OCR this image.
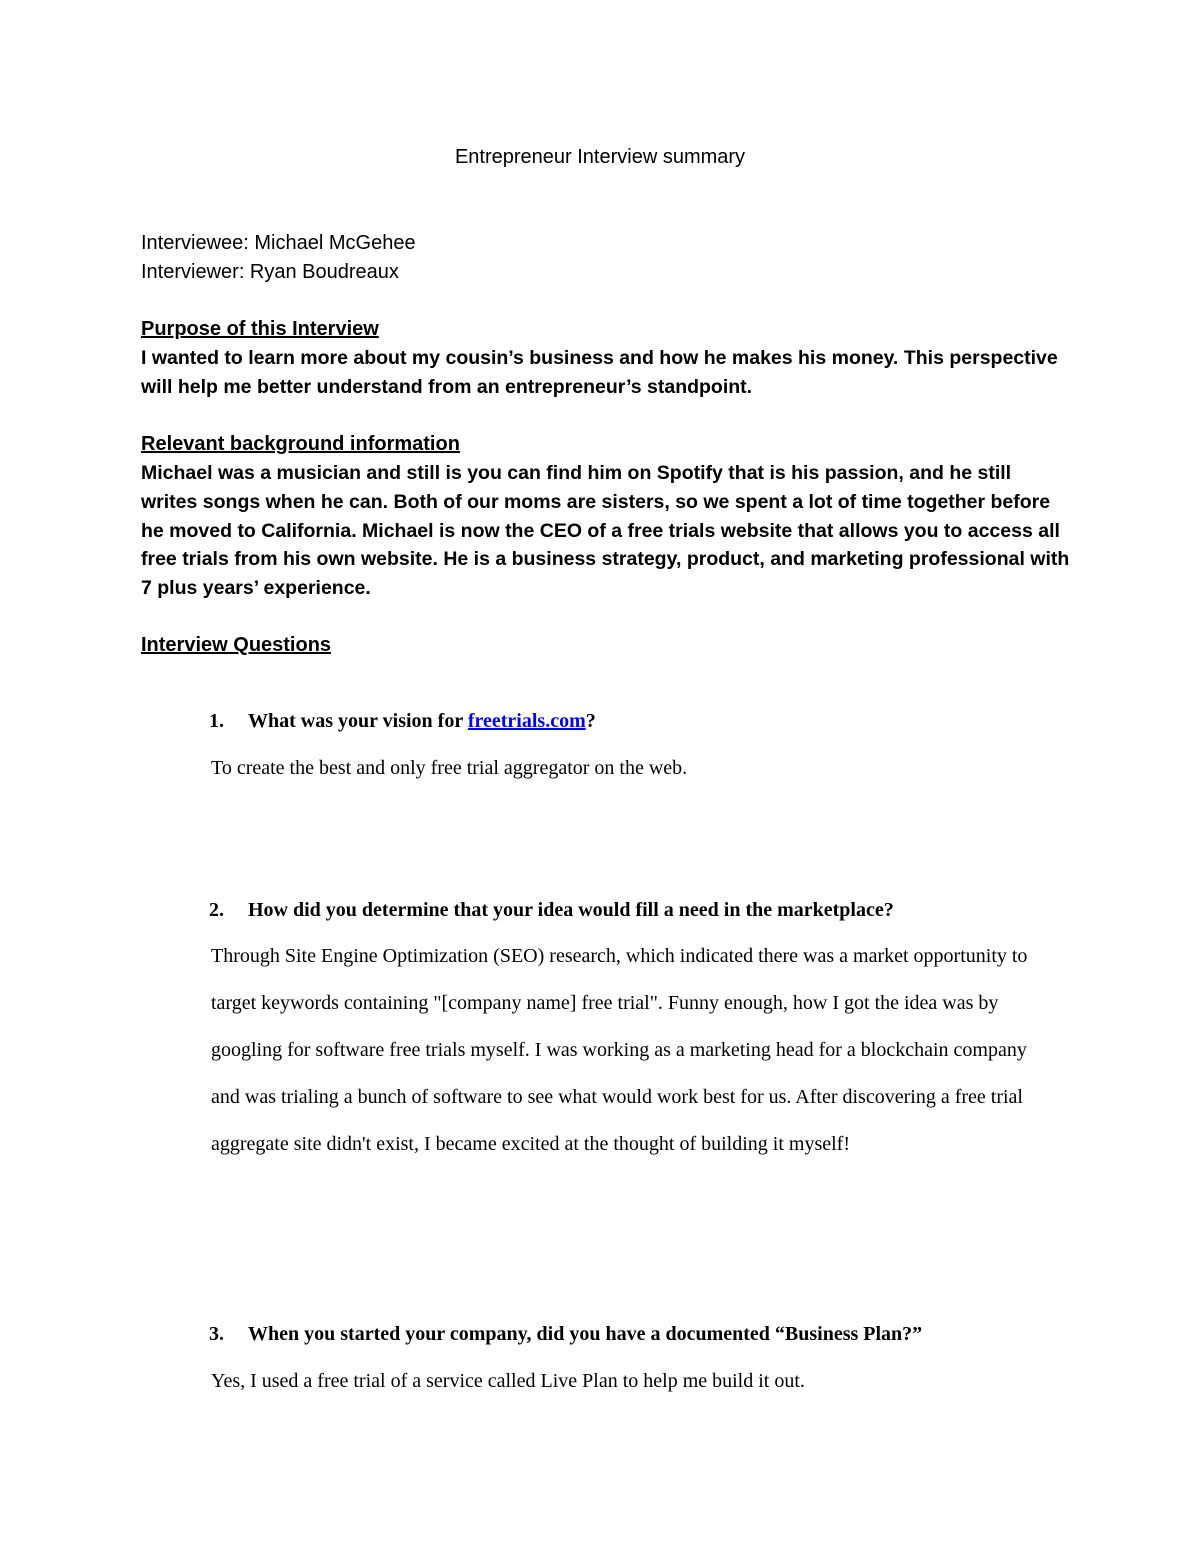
Entrepreneur Interview summary

Interviewee: Michael McGehee

Interviewer: Ryan Boudreaux

Purpose of this Interview

I wanted to learn more about my cousin’s business and how he makes his money. This perspective will help me better understand from an entrepreneur’s standpoint.

Relevant background information

Michael was a musician and still is you can find him on Spotify that is his passion, and he still writes songs when he can. Both of our moms are sisters, so we spent a lot of time together before he moved to California. Michael is now the CEO of a free trials website that allows you to access all free trials from his own website. He is a business strategy, product, and marketing professional with 7 plus years’ experience.

Interview Questions

1. What was your vision for freetrials.com?

To create the best and only free trial aggregator on the web.

2. How did you determine that your idea would fill a need in the marketplace?

Through Site Engine Optimization (SEO) research, which indicated there was a market opportunity to target keywords containing "[company name] free trial". Funny enough, how I got the idea was by googling for software free trials myself. I was working as a marketing head for a blockchain company and was trialing a bunch of software to see what would work best for us. After discovering a free trial aggregate site didn't exist, I became excited at the thought of building it myself!

3. When you started your company, did you have a documented “Business Plan?”

Yes, I used a free trial of a service called Live Plan to help me build it out.
